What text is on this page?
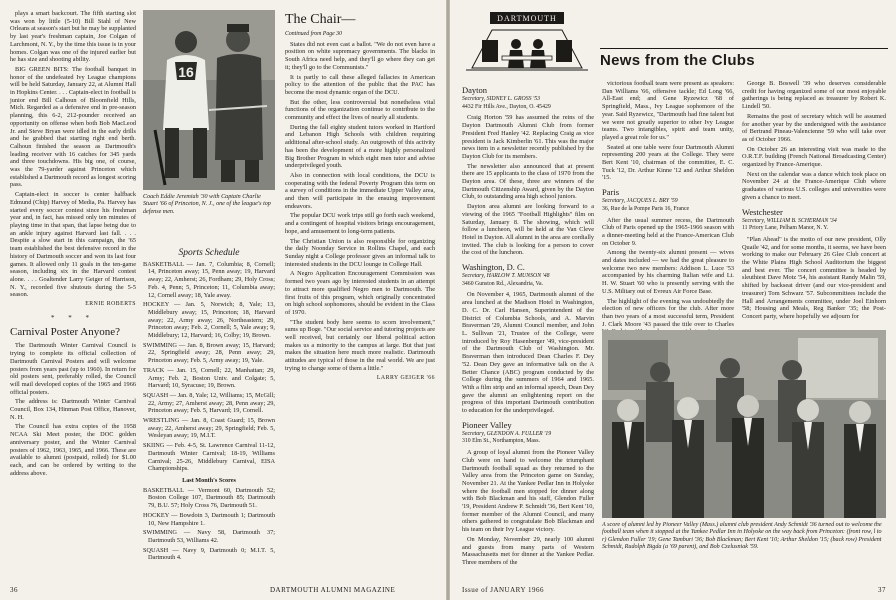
plays a smart backcourt. The fifth starting slot was won by little (5-10) Bill Stahl of New Orleans at season's start but he may be supplanted by last year's freshman captain, Joe Colgan of Larchmont, N. Y., by the time this issue is in your homes. Colgan was one of the injured earlier but he has size and shooting ability.

BIG GREEN BITS: The football banquet in honor of the undefeated Ivy League champions will be held Saturday, January 22, at Alumni Hall in Hopkins Center. . . . Captain-elect in football is junior end Bill Calhoun of Bloomfield Hills, Mich. Regarded as a defensive end in pre-season planning, this 6-2, 212-pounder received an opportunity on offense when both Bob MacLeod Jr. and Steve Bryan were idled in the early drills and he grabbed that starting right end berth. Calhoun finished the season as Dartmouth's leading receiver with 16 catches for 345 yards and three touchdowns. His big one, of course, was the 79-yarder against Princeton which established a Dartmouth record as longest scoring pass.

Captain-elect in soccer is center halfback Edmund (Chip) Harvey of Media, Pa. Harvey has started every soccer contest since his freshman year and, in fact, has missed only ten minutes of playing time in that span, that lapse being due to an ankle injury against Harvard last fall. . . . Despite a slow start in this campaign, the '65 team established the best defensive record in the history of Dartmouth soccer and won its last four games. It allowed only 11 goals in the ten-game season, including six in the Harvard contest alone. . . . Goaltender Larry Geiger of Harrison, N. Y., recorded five shutouts during the 5-5 season.

ERNIE ROBERTS
* * *
Carnival Poster Anyone?

The Dartmouth Winter Carnival Council is trying to complete its official collection of Dartmouth Carnival Posters and will welcome posters from years past (up to 1960). In return for old posters sent, preferably rolled, the Council will mail developed copies of the 1965 and 1966 official posters.

The address is: Dartmouth Winter Carnival Council, Box 134, Hinman Post Office, Hanover, N. H.

The Council has extra copies of the 1958 NCAA Ski Meet poster, the DOC golden anniversary poster, and the Winter Carnival posters of 1962, 1963, 1965, and 1966. These are available to alumni (postpaid, rolled) for $1.00 each, and can be ordered by writing to the address above.

16
Coach Eddie Jeremiah '30 with Captain Charlie Stuart '66 of Princeton, N. J., one of the league's top defense men.
Sports Schedule

BASKETBALL — Jan. 7, Columbia; 8, Cornell; 14, Princeton away; 15, Penn away; 19, Harvard away; 22, Amherst; 26, Fordham; 29, Holy Cross; Feb. 4, Penn; 5, Princeton; 11, Columbia away; 12, Cornell away; 18, Yale away.

HOCKEY — Jan. 5, Norwich; 8, Yale; 13, Middlebury away; 15, Princeton; 18, Harvard away; 22, Army away; 26, Northeastern; 29, Princeton away; Feb. 2, Cornell; 5, Yale away; 9, Middlebury; 12, Harvard; 16, Colby; 19, Brown.

SWIMMING — Jan. 8, Brown away; 15, Harvard; 22, Springfield away; 28, Penn away; 29, Princeton away; Feb. 5, Army away; 19, Yale.

TRACK — Jan. 15, Cornell; 22, Manhattan; 29, Army; Feb. 2, Boston Univ. and Colgate; 5, Harvard; 10, Syracuse; 19, Brown.

SQUASH — Jan. 8, Yale; 12, Williams; 15, McGill; 22, Army; 27, Amherst away; 28, Penn away; 29, Princeton away; Feb. 5, Harvard; 19, Cornell.

WRESTLING — Jan. 8, Coast Guard; 15, Brown away; 22, Amherst away; 29, Springfield; Feb. 5, Wesleyan away; 19, M.I.T.

SKIING — Feb. 4-5, St. Lawrence Carnival 11-12, Dartmouth Winter Carnival; 18-19, Williams Carnival; 25-26, Middlebury Carnival, EISA Championships.

Last Month's Scores

BASKETBALL — Vermont 60, Dartmouth 52; Boston College 107, Dartmouth 85; Dartmouth 79, B.U. 57; Holy Cross 76, Dartmouth 51.

HOCKEY — Bowdoin 3, Dartmouth 1; Dartmouth 10, New Hampshire 1.

SWIMMING — Navy 58, Dartmouth 37; Dartmouth 53, Williams 42.

SQUASH — Navy 9, Dartmouth 0; M.I.T. 5, Dartmouth 4.

The Chair—
Continued from Page 30

States did not even cast a ballot. "We do not even have a position on white supremacy governments. The blacks in South Africa need help, and they'll go where they can get it; they'll go to the Communists."

It is partly to call these alleged fallacies in American policy to the attention of the public that the PAC has become the most dynamic organ of the DCU.

But the other, less controversial but nonetheless vital functions of the organization continue to contribute to the community and effect the lives of nearly all students.

During the fall eighty student tutors worked in Hartford and Lebanon High Schools with children requiring additional after-school study. An outgrowth of this activity has been the development of a more highly personalized Big Brother Program in which eight men tutor and advise underprivileged youth.

Also in connection with local conditions, the DCU is cooperating with the federal Poverty Program this term on a survey of conditions in the immediate Upper Valley area, and then will participate in the ensuing improvement endeavors.

The popular DCU work trips still go forth each weekend, and a contingent of hospital visitors brings encouragement, hope, and amusement to long-term patients.

The Christian Union is also responsible for organizing the daily Noonday Service in Rollins Chapel, and each Sunday night a College professor gives an informal talk to interested students in the DCU lounge in College Hall.

A Negro Application Encouragement Commission was formed two years ago by interested students in an attempt to attract more qualified Negro men to Dartmouth. The first fruits of this program, which originally concentrated on high school sophomores, should be evident in the Class of 1970.

"The student body here seems to scorn involvement," sums up Boge. "Our social service and tutoring projects are well received, but certainly our liberal political action makes us a minority to the campus at large. But that just makes the situation here much more realistic. Dartmouth attitudes are typical of those in the real world. We are just trying to change some of them a little."

LARRY GEIGER '66
36	DARTMOUTH ALUMNI MAGAZINE
DARTMOUTH
News from the Clubs
Dayton
Secretary, SIDNEY L. GROSS '53
4432 Fir Hills Ave., Dayton, O. 45429

Craig Horton '59 has assumed the reins of the Dayton Dartmouth Alumni Club from former President Fred Hanley '42. Replacing Craig as vice president is Jack Kimberlin '61. This was the major news item in a newsletter recently published by the Dayton Club for its members.

The newsletter also announced that at present there are 15 applicants to the class of 1970 from the Dayton area. Of these, three are winners of the Dartmouth Citizenship Award, given by the Dayton Club, to outstanding area high school juniors.

Dayton area alumni are looking forward to a viewing of the 1965 "Football Highlights" film on Saturday, January 8. The showing, which will follow a luncheon, will be held at the Van Cleve Hotel in Dayton. All alumni in the area are cordially invited. The club is looking for a person to cover the cost of the luncheon.

Washington, D. C.
Secretary, HARLOW T. MUNSON '48
3460 Gunston Rd., Alexandria, Va.

On November 4, 1965, Dartmouth alumni of the area lunched at the Madison Hotel in Washington, D. C. Dr. Carl Hansen, Superintendent of the District of Columbia Schools, and A. Marvin Braverman '29, Alumni Council member, and John L. Sullivan '21, Trustee of the College, were introduced by Roy Hasenberger '49, vice-president of the Dartmouth Club of Washington. Mr. Braverman then introduced Dean Charles F. Dey '52. Dean Dey gave an informative talk on the A Better Chance (ABC) program conducted by the College during the summers of 1964 and 1965. With a film strip and an informal speech, Dean Dey gave the alumni an enlightening report on the progress of this important Dartmouth contribution to education for the underprivileged.

Pioneer Valley
Secretary, GLENDON A. FULLER '19
310 Elm St., Northampton, Mass.

A group of loyal alumni from the Pioneer Valley Club were on hand to welcome the triumphant Dartmouth football squad as they returned to the Valley area from the Princeton game on Sunday, November 21. At the Yankee Pedlar Inn in Holyoke where the football men stopped for dinner along with Bob Blackman and his staff, Glendon Fuller '19, President Andrew P. Schmidt '36, Bert Kent '10, former member of the Alumni Council, and many others gathered to congratulate Bob Blackman and his team on their Ivy League victory.

On Monday, November 29, nearly 100 alumni and guests from many parts of Western Massachusetts met for dinner at the Yankee Pedlar. Three members of the

victorious football team were present as speakers: Dan Williams '66, offensive tackle; Ed Long '66, All-East end; and Gene Ryzewicz '68 of Springfield, Mass., Ivy League sophomore of the year. Said Ryzewicz, "Dartmouth had fine talent but we were not greatly superior to other Ivy League teams. Two intangibles, spirit and team unity, played a great role for us."

Seated at one table were four Dartmouth Alumni representing 200 years at the College. They were Bert Kent '10, chairman of the committee, E. C. Tuck '12, Dr. Arthur Kinne '12 and Arthur Sheldon '15.

Paris
Secretary, JACQUES L. BRY '59
36, Rue de la Pompe Paris 16, France

After the usual summer recess, the Dartmouth Club of Paris opened up the 1965-1966 season with a dinner-meeting held at the France-American Club on October 9.

Among the twenty-six alumni present — wives and dates included — we had the great pleasure to welcome two new members: Addison L. Luce '53 accompanied by his charming Italian wife and Lt. H. W. Stuart '60 who is presently serving with the U.S. Military out of Evreux Air Force Base.

The highlight of the evening was undoubtedly the election of new officers for the club. After more than two years of a most successful term, President J. Clark Moore '43 passed the title over to Charles

George B. Boswell '39 who deserves considerable credit for having organized some of our most enjoyable gatherings is being replaced as treasurer by Robert K. Lindell '50.

Remains the post of secretary which will be assumed for another year by the undersigned with the assistance of Bertrand Pineau-Valencienne '59 who will take over as of October 1966.

On October 26 an interesting visit was made to the O.R.T.F. building (French National Broadcasting Center) organized by France-Amerique.

Next on the calendar was a dance which took place on November 24 at the France-Amerique Club where graduates of various U.S. colleges and universities were given a chance to meet.

Westchester
Secretary, WILLIAM B. SCHERMAN '34
11 Priory Lane, Pelham Manor, N. Y.

"Plan Ahead" is the motto of our new president, Olly Quaile '42, and for some months, it seems, we have been working to make our February 26 Glee Club concert at the White Plains High School Auditorium the biggest and best ever. The concert committee is headed by sleuthiest Dave Motz '54, his assistant Randy Malin '59, shifted by backseat driver (and our vice-president and treasurer) Tom Schwarz '57. Subcommittees include the Hall and Arrangements committee, under Joel Einhorn '58; Housing and Meals, Reg Banker '35; the Post-Concert party, where hopefully we adjourn for

A score of alumni led by Pioneer Valley (Mass.) alumni club president Andy Schmidt '36 turned out to welcome the football team when it stopped at the Yankee Pedlar Inn in Holyoke on the way back from Princeton: (front row, l to r) Glendon Fuller '19; Gene Tamburi '36; Bob Blackman; Bert Kent '10; Arthur Sheldon '15; (back row) President Schmidt, Rudolph Bigda (a '69 parent), and Bob Czelusniak '59.
Issue of JANUARY 1966	37
